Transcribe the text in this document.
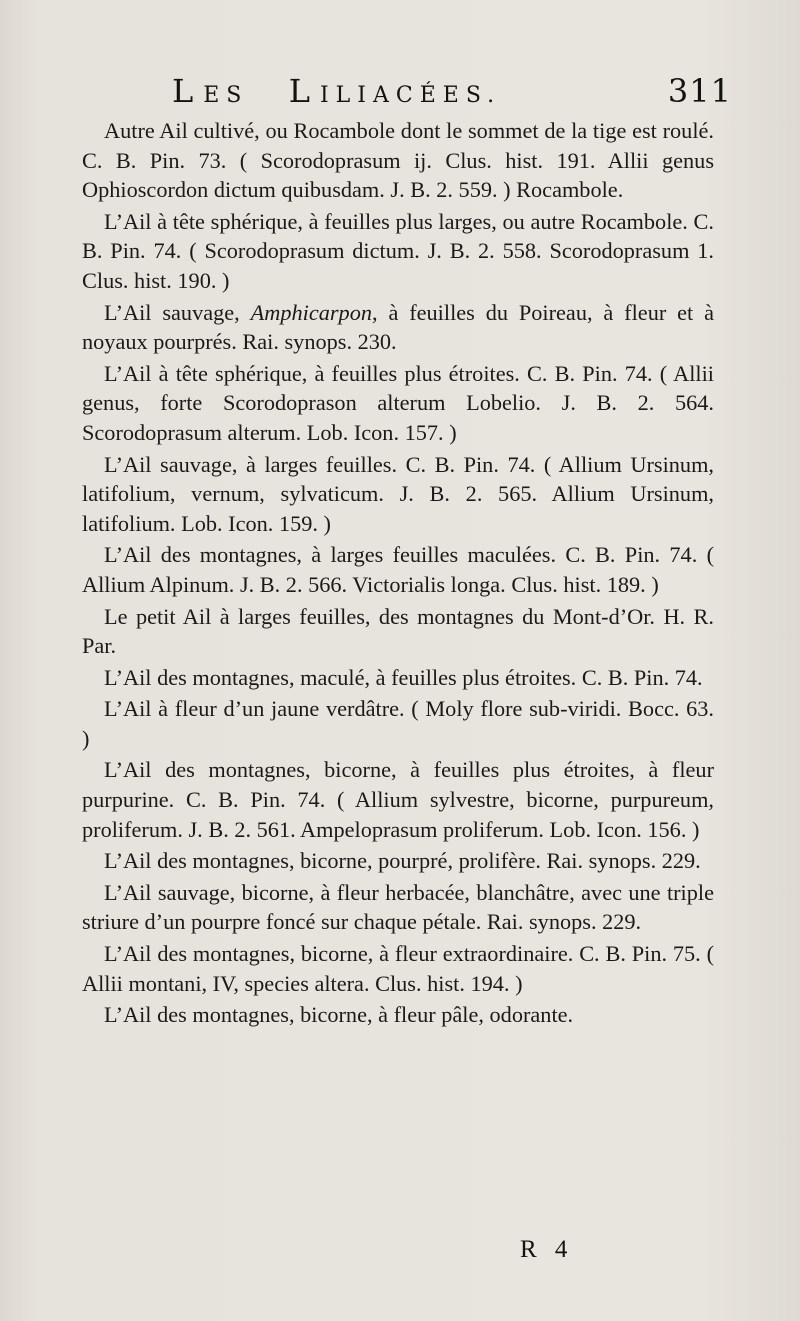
LES LILIACÉES.	311

Autre Ail cultivé, ou Rocambole dont le sommet de la tige est roulé. C. B. Pin. 73. ( Scorodoprasum ij. Clus. hist. 191. Allii genus Ophioscordon dictum quibusdam. J. B. 2. 559. ) Rocambole.

L’Ail à tête sphérique, à feuilles plus larges, ou autre Rocambole. C. B. Pin. 74. ( Scorodoprasum dictum. J. B. 2. 558. Scorodoprasum 1. Clus. hist. 190. )

L’Ail sauvage, Amphicarpon, à feuilles du Poireau, à fleur et à noyaux pourprés. Rai. synops. 230.

L’Ail à tête sphérique, à feuilles plus étroites. C. B. Pin. 74. ( Allii genus, forte Scorodoprason alterum Lobelio. J. B. 2. 564. Scorodoprasum alterum. Lob. Icon. 157. )

L’Ail sauvage, à larges feuilles. C. B. Pin. 74. ( Allium Ursinum, latifolium, vernum, sylvaticum. J. B. 2. 565. Allium Ursinum, latifolium. Lob. Icon. 159. )

L’Ail des montagnes, à larges feuilles maculées. C. B. Pin. 74. ( Allium Alpinum. J. B. 2. 566. Victorialis longa. Clus. hist. 189. )

Le petit Ail à larges feuilles, des montagnes du Mont-d’Or. H. R. Par.

L’Ail des montagnes, maculé, à feuilles plus étroites. C. B. Pin. 74.

L’Ail à fleur d’un jaune verdâtre. ( Moly flore sub-viridi. Bocc. 63. )

L’Ail des montagnes, bicorne, à feuilles plus étroites, à fleur purpurine. C. B. Pin. 74. ( Allium sylvestre, bicorne, purpureum, proliferum. J. B. 2. 561. Ampeloprasum proliferum. Lob. Icon. 156. )

L’Ail des montagnes, bicorne, pourpré, prolifère. Rai. synops. 229.

L’Ail sauvage, bicorne, à fleur herbacée, blanchâtre, avec une triple striure d’un pourpre foncé sur chaque pétale. Rai. synops. 229.

L’Ail des montagnes, bicorne, à fleur extraordinaire. C. B. Pin. 75. ( Allii montani, IV, species altera. Clus. hist. 194. )

L’Ail des montagnes, bicorne, à fleur pâle, odorante.

R 4
